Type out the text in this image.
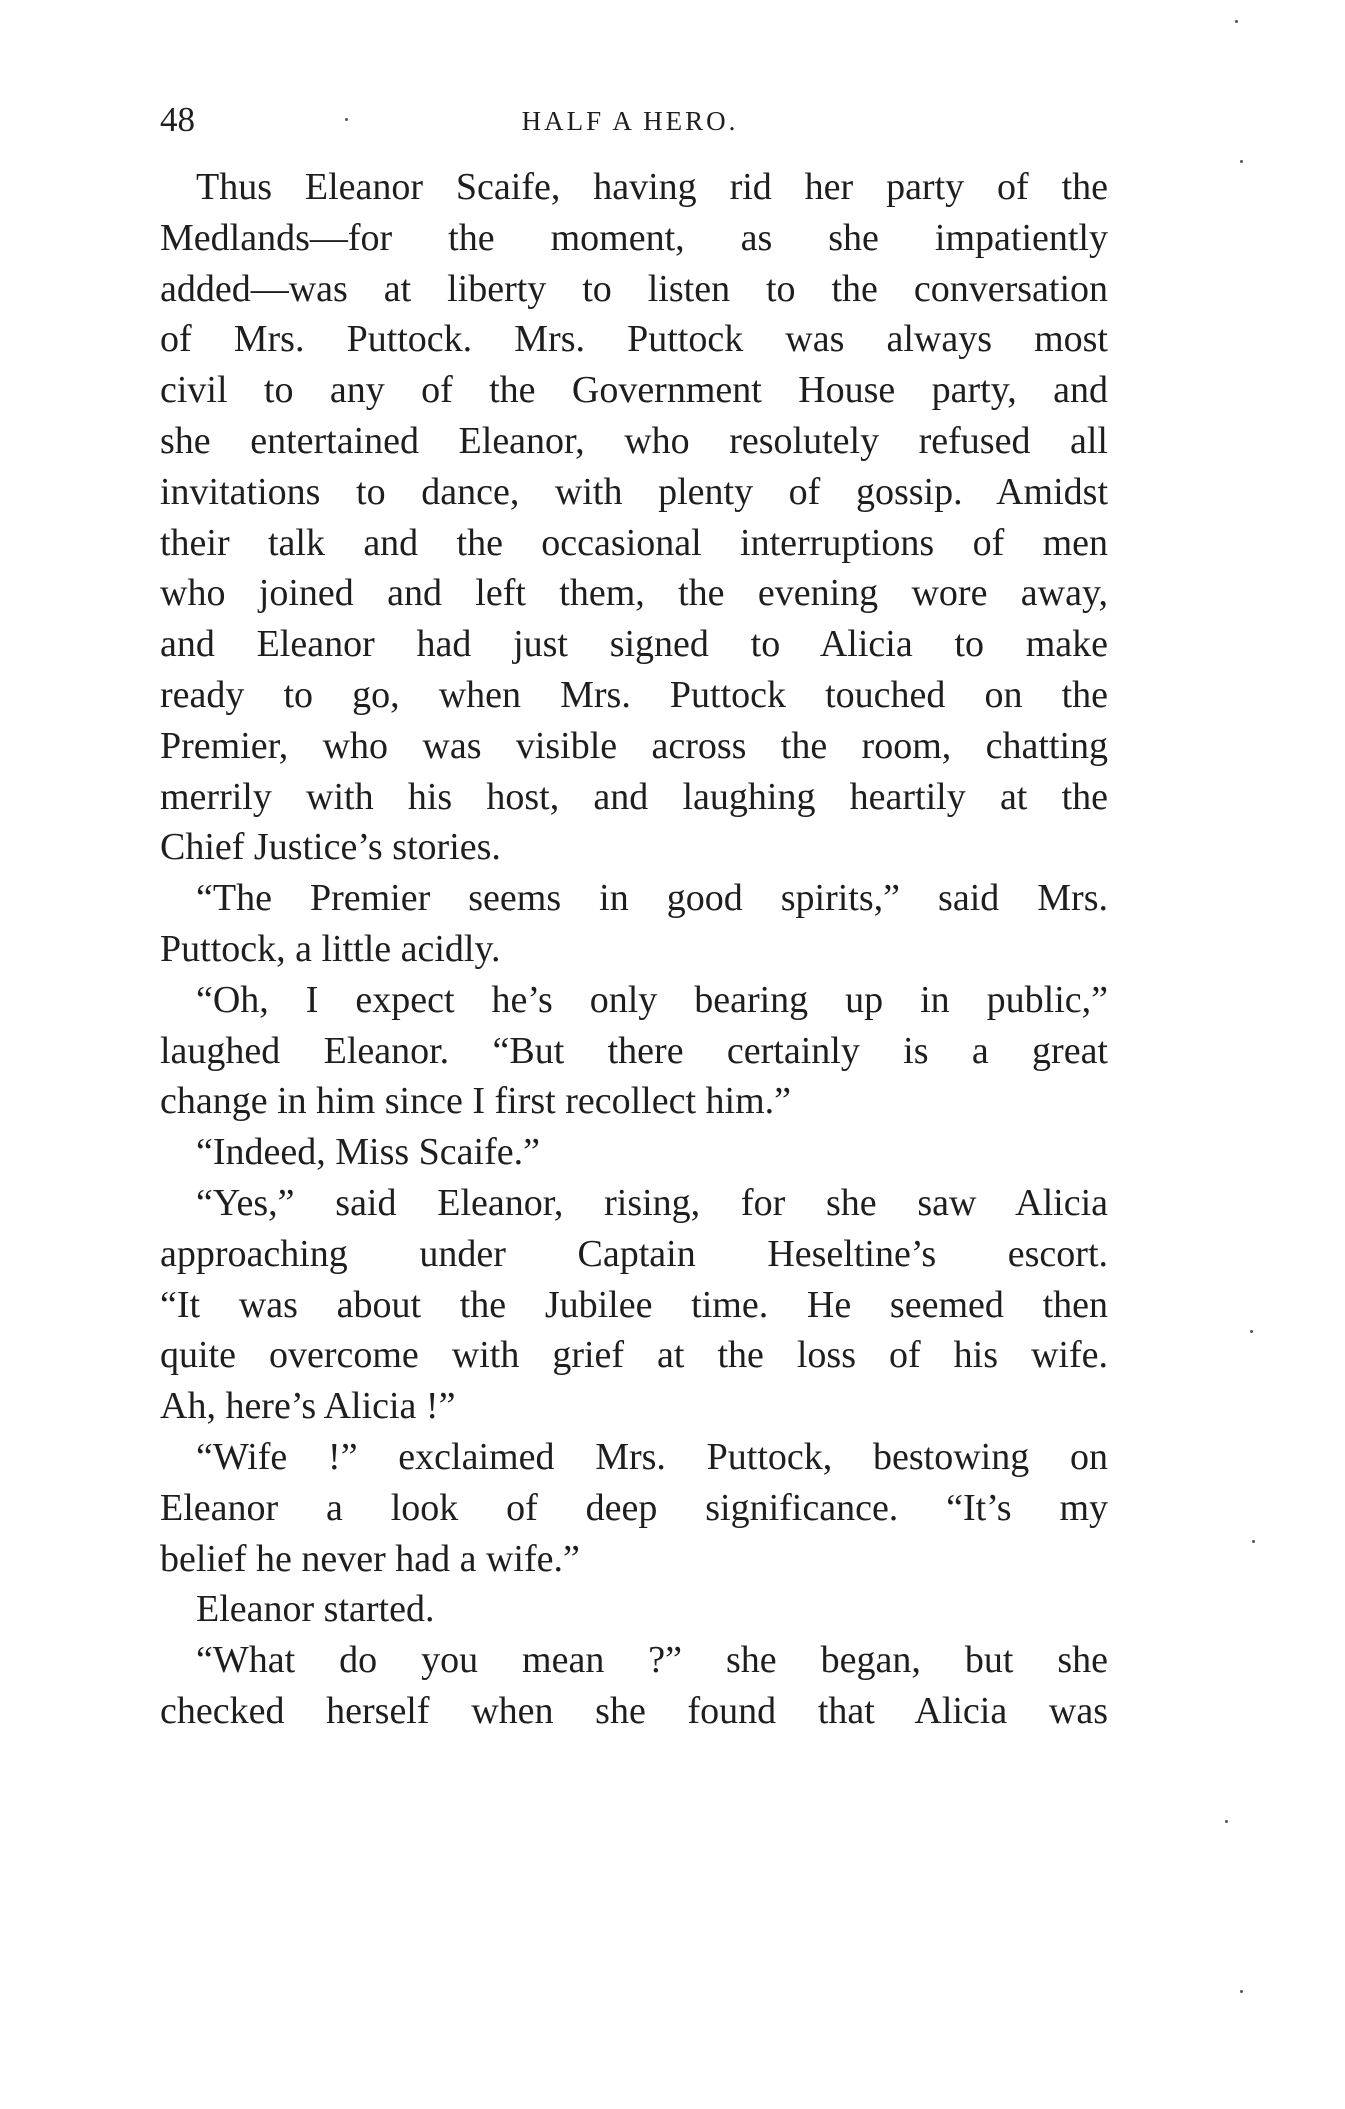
48	HALF A HERO.
Thus Eleanor Scaife, having rid her party of the
Medlands—for the moment, as she impatiently
added—was at liberty to listen to the conversation
of Mrs. Puttock. Mrs. Puttock was always most
civil to any of the Government House party, and
she entertained Eleanor, who resolutely refused all
invitations to dance, with plenty of gossip. Amidst
their talk and the occasional interruptions of men
who joined and left them, the evening wore away,
and Eleanor had just signed to Alicia to make
ready to go, when Mrs. Puttock touched on the
Premier, who was visible across the room, chatting
merrily with his host, and laughing heartily at the
Chief Justice’s stories.
“The Premier seems in good spirits,” said Mrs.
Puttock, a little acidly.
“Oh, I expect he’s only bearing up in public,”
laughed Eleanor. “But there certainly is a great
change in him since I first recollect him.”
“Indeed, Miss Scaife.”
“Yes,” said Eleanor, rising, for she saw Alicia
approaching under Captain Heseltine’s escort.
“It was about the Jubilee time. He seemed then
quite overcome with grief at the loss of his wife.
Ah, here’s Alicia !”
“Wife !” exclaimed Mrs. Puttock, bestowing on
Eleanor a look of deep significance. “It’s my
belief he never had a wife.”
Eleanor started.
“What do you mean ?” she began, but she
checked herself when she found that Alicia was
